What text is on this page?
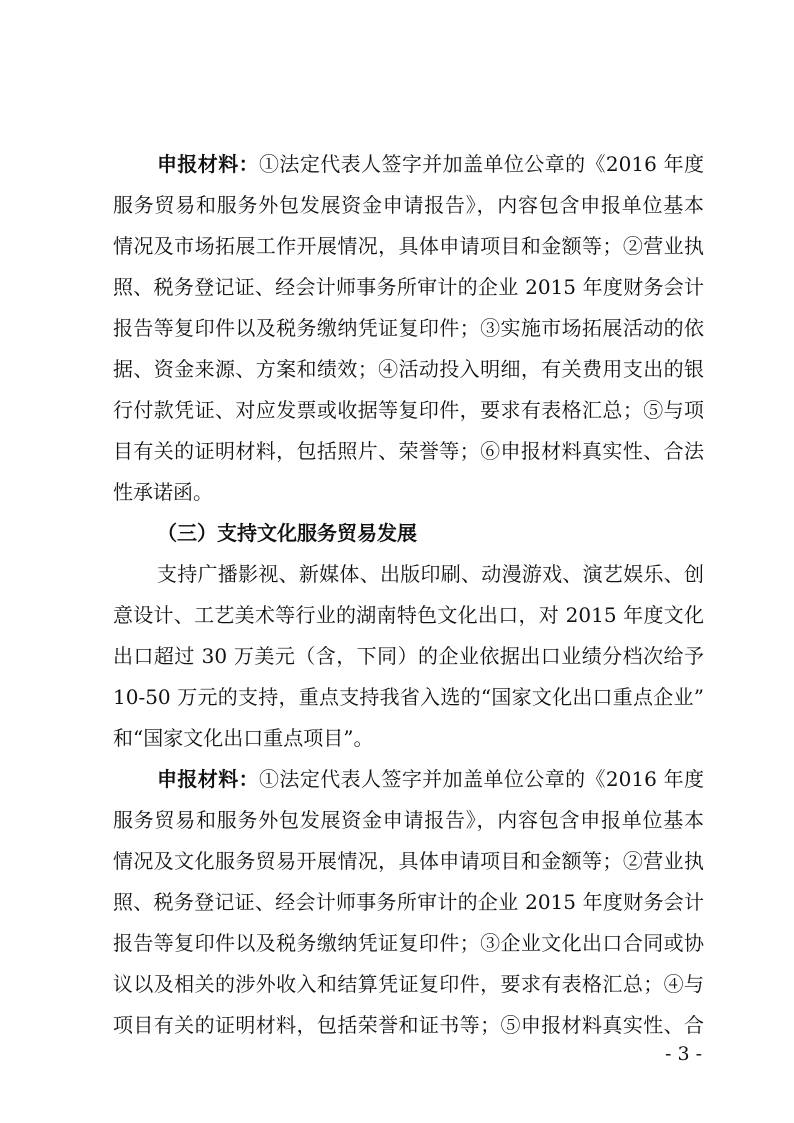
申报材料：①法定代表人签字并加盖单位公章的《2016 年度
服务贸易和服务外包发展资金申请报告》，内容包含申报单位基本
情况及市场拓展工作开展情况，具体申请项目和金额等；②营业执
照、税务登记证、经会计师事务所审计的企业 2015 年度财务会计
报告等复印件以及税务缴纳凭证复印件；③实施市场拓展活动的依
据、资金来源、方案和绩效；④活动投入明细，有关费用支出的银
行付款凭证、对应发票或收据等复印件，要求有表格汇总；⑤与项
目有关的证明材料，包括照片、荣誉等；⑥申报材料真实性、合法
性承诺函。
（三）支持文化服务贸易发展
支持广播影视、新媒体、出版印刷、动漫游戏、演艺娱乐、创
意设计、工艺美术等行业的湖南特色文化出口，对 2015 年度文化
出口超过 30 万美元（含，下同）的企业依据出口业绩分档次给予
10-50 万元的支持，重点支持我省入选的“国家文化出口重点企业”
和“国家文化出口重点项目”。
申报材料：①法定代表人签字并加盖单位公章的《2016 年度
服务贸易和服务外包发展资金申请报告》，内容包含申报单位基本
情况及文化服务贸易开展情况，具体申请项目和金额等；②营业执
照、税务登记证、经会计师事务所审计的企业 2015 年度财务会计
报告等复印件以及税务缴纳凭证复印件；③企业文化出口合同或协
议以及相关的涉外收入和结算凭证复印件，要求有表格汇总；④与
项目有关的证明材料，包括荣誉和证书等；⑤申报材料真实性、合
- 3 -
